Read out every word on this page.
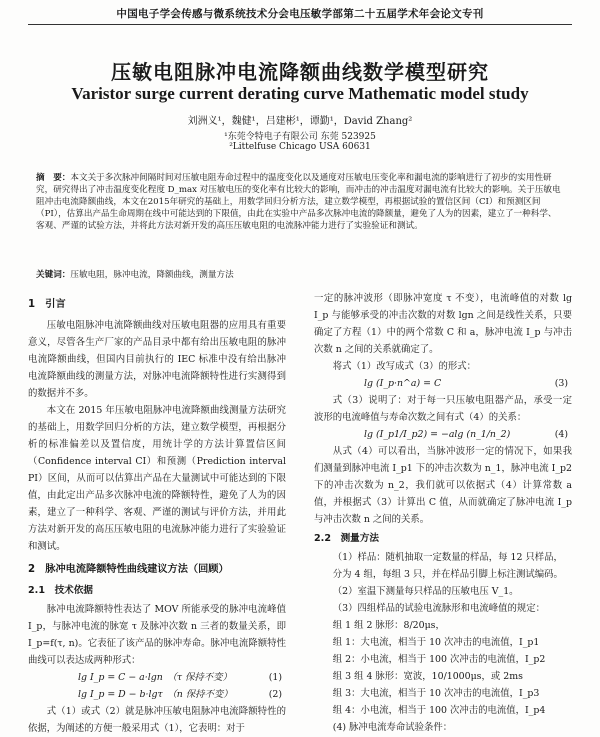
中国电子学会传感与微系统技术分会电压敏学部第二十五届学术年会论文专刊
压敏电阻脉冲电流降额曲线数学模型研究
Varistor surge current derating curve Mathematic model study
刘洲义¹，魏健¹，吕建彬¹，谭勤¹，David Zhang²
¹东莞令特电子有限公司 东莞 523925
²Littelfuse Chicago USA 60631
摘　要：本文关于多次脉冲间隔时间对压敏电阻寿命过程中的温度变化以及通度对压敏电压变化率和漏电流的影响进行了初步的实用性研究，研究得出了冲击温度变化程度 D_max 对压敏电压的变化率有比较大的影响，而冲击的冲击温度对漏电流有比较大的影响。关于压敏电阻冲击电流降额曲线，本文在2015年研究的基础上，用数学回归分析方法，建立数学模型，再根据试验的置信区间（CI）和预测区间（PI），估算出产品生命周期在线中可能达到的下限值，由此在实验中产品多次脉冲电流的降额量，避免了人为的因素，建立了一种科学、客观、严谨的试验方法，并将此方法对新开发的高压压敏电阻的电流脉冲能力进行了实验验证和测试。
关键词：压敏电阻，脉冲电流，降额曲线，测量方法
1　引言

压敏电阻脉冲电流降额曲线对压敏电阻器的应用具有重要意义，尽管各生产厂家的产品目录中都有给出压敏电阻的脉冲电流降额曲线，但国内目前执行的 IEC 标准中没有给出脉冲电流降额曲线的测量方法，对脉冲电流降额特性进行实测得到的数据并不多。

本文在 2015 年压敏电阻脉冲电流降额曲线测量方法研究的基础上，用数学回归分析的方法，建立数学模型，再根据分析的标准偏差以及置信度，用统计学的方法计算置信区间（Confidence interval CI）和预测（Prediction interval PI）区间，从而可以估算出产品在大量测试中可能达到的下限值，由此定出产品多次脉冲电流的降额特性，避免了人为的因素，建立了一种科学、客观、严谨的测试与评价方法，并用此方法对新开发的高压压敏电阻的电流脉冲能力进行了实验验证和测试。

2　脉冲电流降额特性曲线建议方法（回顾）
2.1　技术依据

脉冲电流降额特性表达了 MOV 所能承受的脉冲电流峰值 I_p，与脉冲电流的脉宽 τ 及脉冲次数 n 三者的数量关系，即 I_p=f(τ, n)。它表征了该产品的脉冲寿命。脉冲电流降额特性曲线可以表达成两种形式：

lg I_p = C − a·lgn　（τ 保持不变）	(1)
lg I_p = D − b·lgτ　（n 保持不变）	(2)

式（1）或式（2）就是脉冲压敏电阻脉冲电流降额特性的依据，为阐述的方便一般采用式（1），它表明：对于

一定的脉冲波形（即脉冲宽度 τ 不变），电流峰值的对数 lg I_p 与能够承受的冲击次数的对数 lgn 之间是线性关系，只要确定了方程（1）中的两个常数 C 和 a，脉冲电流 I_p 与冲击次数 n 之间的关系就确定了。

将式（1）改写成式（3）的形式：

lg (I_p·n^a) = C	(3)

式（3）说明了：对于每一只压敏电阻器产品，承受一定波形的电流峰值与寿命次数之间有式（4）的关系：

lg (I_p1/I_p2) = −alg (n_1/n_2)	(4)

从式（4）可以看出，当脉冲波形一定的情况下，如果我们测量到脉冲电流 I_p1 下的冲击次数为 n_1，脉冲电流 I_p2 下的冲击次数为 n_2，我们就可以依据式（4）计算常数 a 值，并根据式（3）计算出 C 值，从而就确定了脉冲电流 I_p 与冲击次数 n 之间的关系。

2.2　测量方法
（1）样品：随机抽取一定数量的样品，每 12 只样品，分为 4 组，每组 3 只，并在样品引脚上标注测试编码。
（2）室温下测量每只样品的压敏电压 V_1。
（3）四组样品的试验电流脉形和电流峰值的规定：
组 1 组 2 脉形：8/20μs，
组 1：大电流，相当于 10 次冲击的电流值，I_p1
组 2：小电流，相当于 100 次冲击的电流值，I_p2
组 3 组 4 脉形：宽波，10/1000μs，或 2ms
组 3：大电流，相当于 10 次冲击的电流值，I_p3
组 4：小电流，相当于 100 次冲击的电流值，I_p4
(4) 脉冲电流寿命试验条件：
